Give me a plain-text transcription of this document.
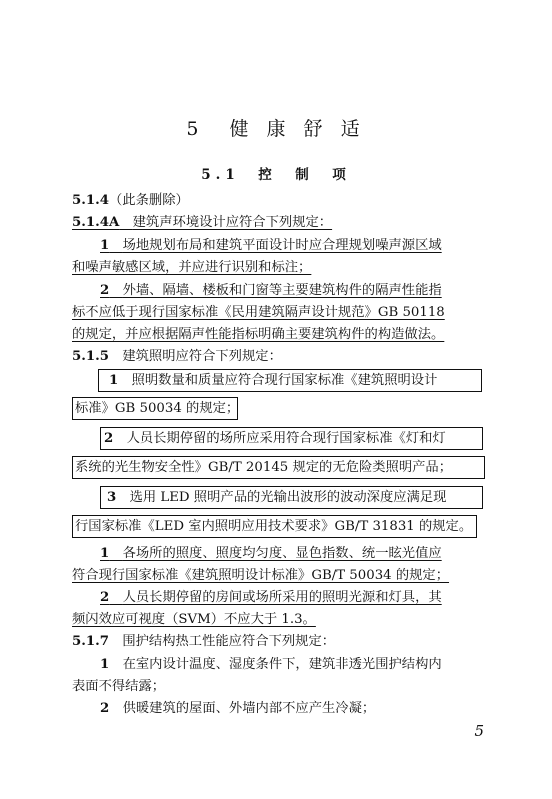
5　健 康 舒 适
5.1　控　制　项
5.1.4（此条删除）
5.1.4A  建筑声环境设计应符合下列规定：
1  场地规划布局和建筑平面设计时应合理规划噪声源区域
和噪声敏感区域，并应进行识别和标注；
2  外墙、隔墙、楼板和门窗等主要建筑构件的隔声性能指
标不应低于现行国家标准《民用建筑隔声设计规范》GB 50118
的规定，并应根据隔声性能指标明确主要建筑构件的构造做法。
5.1.5  建筑照明应符合下列规定：
1  照明数量和质量应符合现行国家标准《建筑照明设计
标准》GB 50034 的规定；
2  人员长期停留的场所应采用符合现行国家标准《灯和灯
系统的光生物安全性》GB/T 20145 规定的无危险类照明产品；
3  选用 LED 照明产品的光输出波形的波动深度应满足现
行国家标准《LED 室内照明应用技术要求》GB/T 31831 的规定。
1  各场所的照度、照度均匀度、显色指数、统一眩光值应
符合现行国家标准《建筑照明设计标准》GB/T 50034 的规定；
2  人员长期停留的房间或场所采用的照明光源和灯具，其
频闪效应可视度（SVM）不应大于 1.3。
5.1.7  围护结构热工性能应符合下列规定：
1  在室内设计温度、湿度条件下，建筑非透光围护结构内
表面不得结露；
2  供暖建筑的屋面、外墙内部不应产生冷凝；
5
